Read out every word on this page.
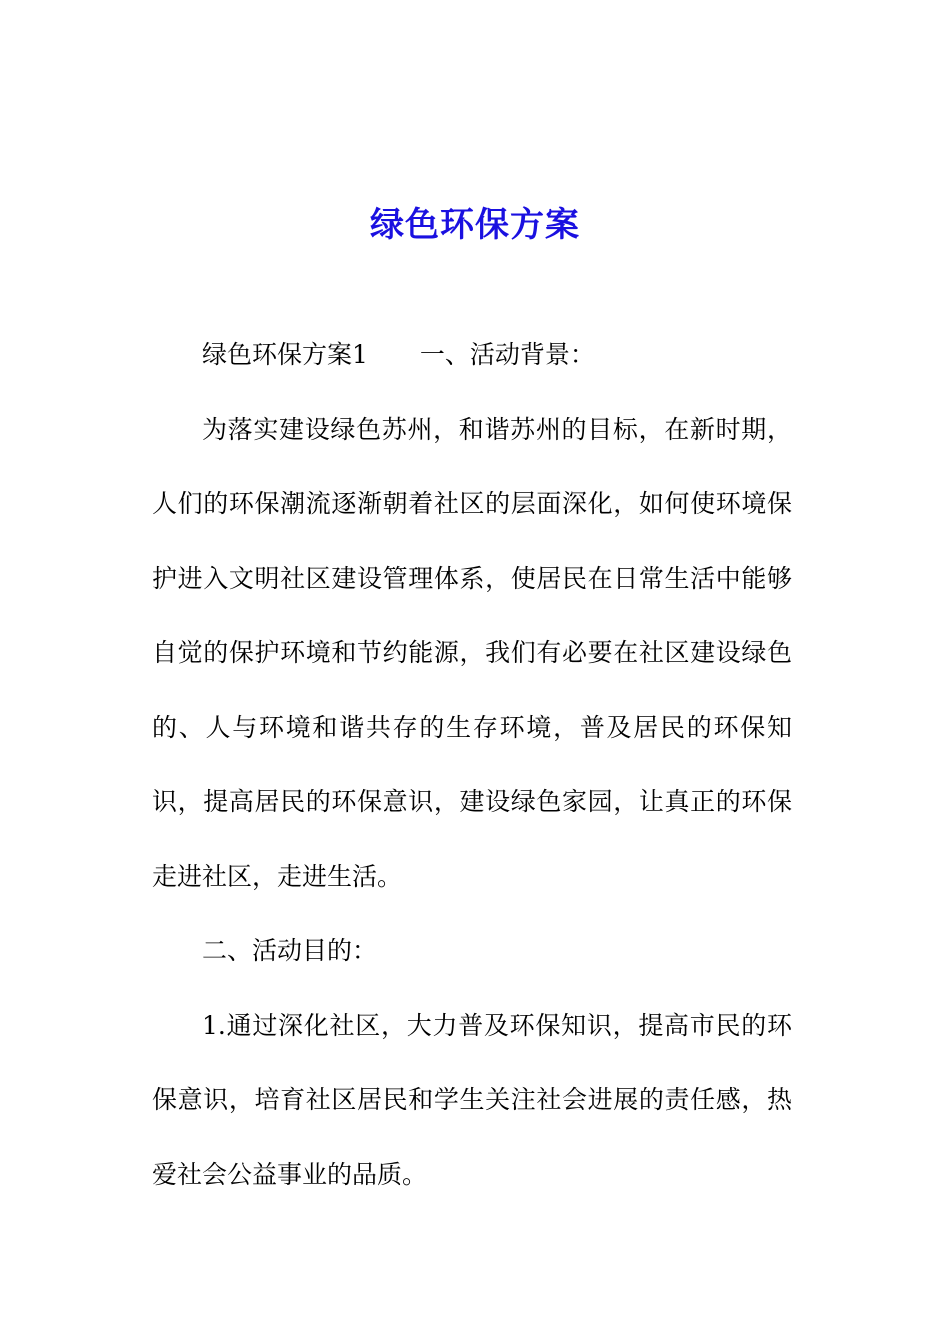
绿色环保方案

绿色环保方案1 一、活动背景：

为落实建设绿色苏州，和谐苏州的目标，在新时期，人们的环保潮流逐渐朝着社区的层面深化，如何使环境保护进入文明社区建设管理体系，使居民在日常生活中能够自觉的保护环境和节约能源，我们有必要在社区建设绿色的、人与环境和谐共存的生存环境，普及居民的环保知识，提高居民的环保意识，建设绿色家园，让真正的环保走进社区，走进生活。

二、活动目的：

1.通过深化社区，大力普及环保知识，提高市民的环保意识，培育社区居民和学生关注社会进展的责任感，热爱社会公益事业的品质。
